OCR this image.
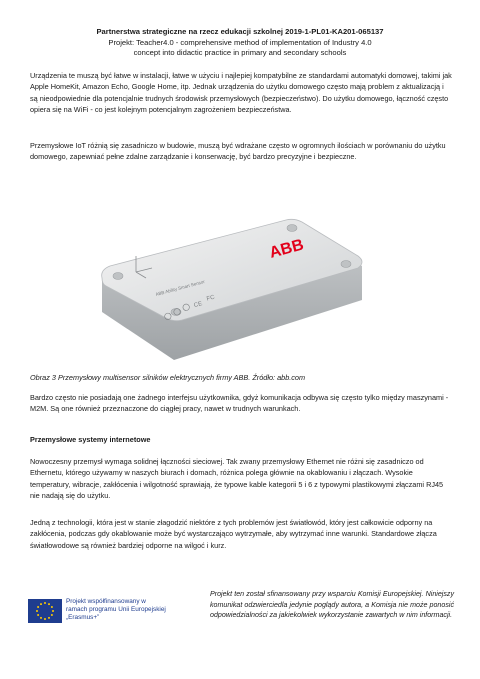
Partnerstwa strategiczne na rzecz edukacji szkolnej 2019-1-PL01-KA201-065137
Projekt: Teacher4.0 - comprehensive method of implementation of Industry 4.0
concept into didactic practice in primary and secondary schools

Urządzenia te muszą być łatwe w instalacji, łatwe w użyciu i najlepiej kompatybilne ze standardami automatyki domowej, takimi jak Apple HomeKit, Amazon Echo, Google Home, itp. Jednak urządzenia do użytku domowego często mają problem z aktualizacją i są nieodpowiednie dla potencjalnie trudnych środowisk przemysłowych (bezpieczeństwo). Do użytku domowego, łączność często opiera się na WiFi - co jest kolejnym potencjalnym zagrożeniem bezpieczeństwa.

Przemysłowe IoT różnią się zasadniczo w budowie, muszą być wdrażane często w ogromnych ilościach w porównaniu do użytku domowego, zapewniać pełne zdalne zarządzanie i konserwację, być bardzo precyzyjne i bezpieczne.

ABB
ABB Ability Smart Sensor
CE
FC
Obraz 3 Przemysłowy multisensor silników elektrycznych firmy ABB. Źródło: abb.com

Bardzo często nie posiadają one żadnego interfejsu użytkownika, gdyż komunikacja odbywa się często tylko między maszynami - M2M. Są one również przeznaczone do ciągłej pracy, nawet w trudnych warunkach.

Przemysłowe systemy internetowe

Nowoczesny przemysł wymaga solidnej łączności sieciowej. Tak zwany przemysłowy Ethernet nie różni się zasadniczo od Ethernetu, którego używamy w naszych biurach i domach, różnica polega głównie na okablowaniu i złączach. Wysokie temperatury, wibracje, zakłócenia i wilgotność sprawiają, że typowe kable kategorii 5 i 6 z typowymi plastikowymi złączami RJ45 nie nadają się do użytku.

Jedną z technologii, która jest w stanie złagodzić niektóre z tych problemów jest światłowód, który jest całkowicie odporny na zakłócenia, podczas gdy okablowanie może być wystarczająco wytrzymałe, aby wytrzymać inne warunki. Standardowe złącza światłowodowe są również bardziej odporne na wilgoć i kurz.

Projekt współfinansowany w
ramach programu Unii Europejskiej
„Erasmus+”

Projekt ten został sfinansowany przy wsparciu Komisji Europejskiej. Niniejszy komunikat odzwierciedla jedynie poglądy autora, a Komisja nie może ponosić odpowiedzialności za jakiekolwiek wykorzystanie zawartych w nim informacji.
